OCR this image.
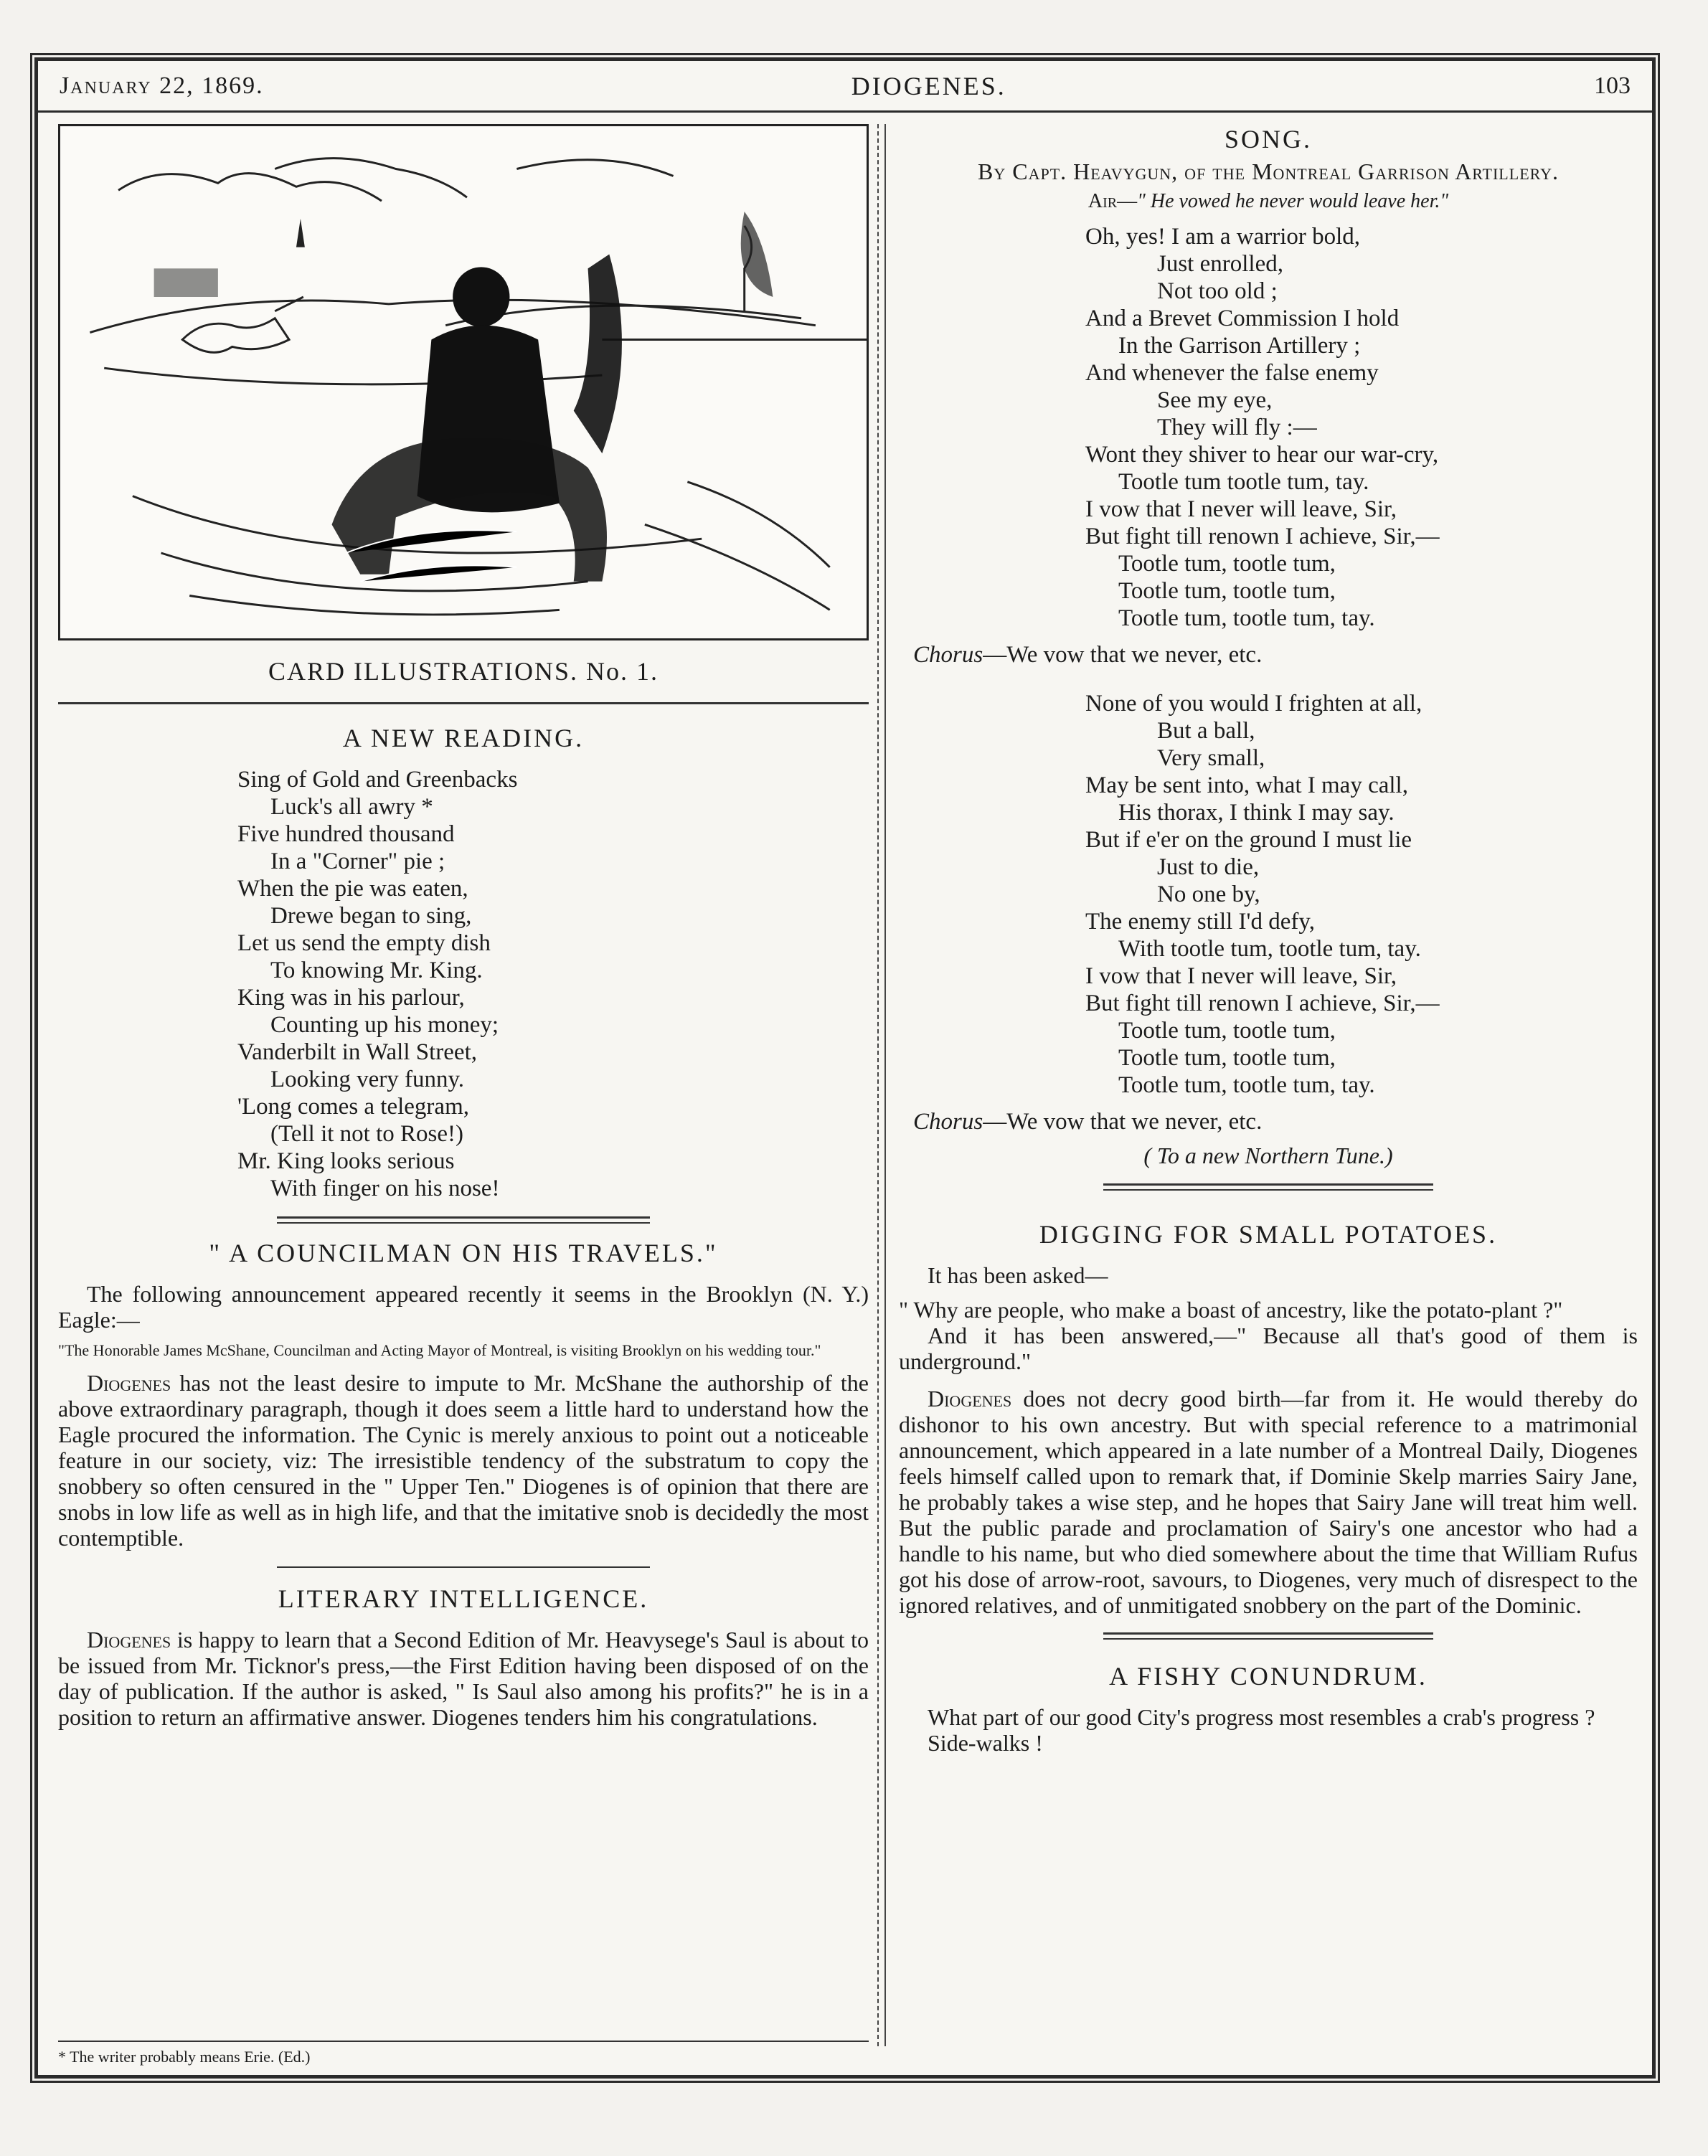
January 22, 1869.	DIOGENES.	103
CARD ILLUSTRATIONS. No. 1.
A NEW READING.
Sing of Gold and Greenbacks
Luck's all awry *
Five hundred thousand
In a "Corner" pie ;
When the pie was eaten,
Drewe began to sing,
Let us send the empty dish
To knowing Mr. King.
King was in his parlour,
Counting up his money;
Vanderbilt in Wall Street,
Looking very funny.
'Long comes a telegram,
(Tell it not to Rose!)
Mr. King looks serious
With finger on his nose!
" A COUNCILMAN ON HIS TRAVELS."

The following announcement appeared recently it seems in the Brooklyn (N. Y.) Eagle:—

"The Honorable James McShane, Councilman and Acting Mayor of Montreal, is visiting Brooklyn on his wedding tour."

Diogenes has not the least desire to impute to Mr. McShane the authorship of the above extraordinary paragraph, though it does seem a little hard to understand how the Eagle procured the information. The Cynic is merely anxious to point out a noticeable feature in our society, viz: The irresistible tendency of the substratum to copy the snobbery so often censured in the " Upper Ten." Diogenes is of opinion that there are snobs in low life as well as in high life, and that the imitative snob is decidedly the most contemptible.

LITERARY INTELLIGENCE.

Diogenes is happy to learn that a Second Edition of Mr. Heavysege's Saul is about to be issued from Mr. Ticknor's press,—the First Edition having been disposed of on the day of publication. If the author is asked, " Is Saul also among his profits?" he is in a position to return an affirmative answer. Diogenes tenders him his congratulations.

* The writer probably means Erie. (Ed.)
SONG.
By Capt. Heavygun, of the Montreal Garrison Artillery.
Air—" He vowed he never would leave her."
Oh, yes! I am a warrior bold,
Just enrolled,
Not too old ;
And a Brevet Commission I hold
In the Garrison Artillery ;
And whenever the false enemy
See my eye,
They will fly :—
Wont they shiver to hear our war-cry,
Tootle tum tootle tum, tay.
I vow that I never will leave, Sir,
But fight till renown I achieve, Sir,—
Tootle tum, tootle tum,
Tootle tum, tootle tum,
Tootle tum, tootle tum, tay.
Chorus—We vow that we never, etc.
None of you would I frighten at all,
But a ball,
Very small,
May be sent into, what I may call,
His thorax, I think I may say.
But if e'er on the ground I must lie
Just to die,
No one by,
The enemy still I'd defy,
With tootle tum, tootle tum, tay.
I vow that I never will leave, Sir,
But fight till renown I achieve, Sir,—
Tootle tum, tootle tum,
Tootle tum, tootle tum,
Tootle tum, tootle tum, tay.
Chorus—We vow that we never, etc.
( To a new Northern Tune.)
DIGGING FOR SMALL POTATOES.

It has been asked—

" Why are people, who make a boast of ancestry, like the potato-plant ?"

And it has been answered,—" Because all that's good of them is underground."

Diogenes does not decry good birth—far from it. He would thereby do dishonor to his own ancestry. But with special reference to a matrimonial announcement, which appeared in a late number of a Montreal Daily, Diogenes feels himself called upon to remark that, if Dominie Skelp marries Sairy Jane, he probably takes a wise step, and he hopes that Sairy Jane will treat him well. But the public parade and proclamation of Sairy's one ancestor who had a handle to his name, but who died somewhere about the time that William Rufus got his dose of arrow-root, savours, to Diogenes, very much of disrespect to the ignored relatives, and of unmitigated snobbery on the part of the Dominic.

A FISHY CONUNDRUM.

What part of our good City's progress most resembles a crab's progress ?

Side-walks !
